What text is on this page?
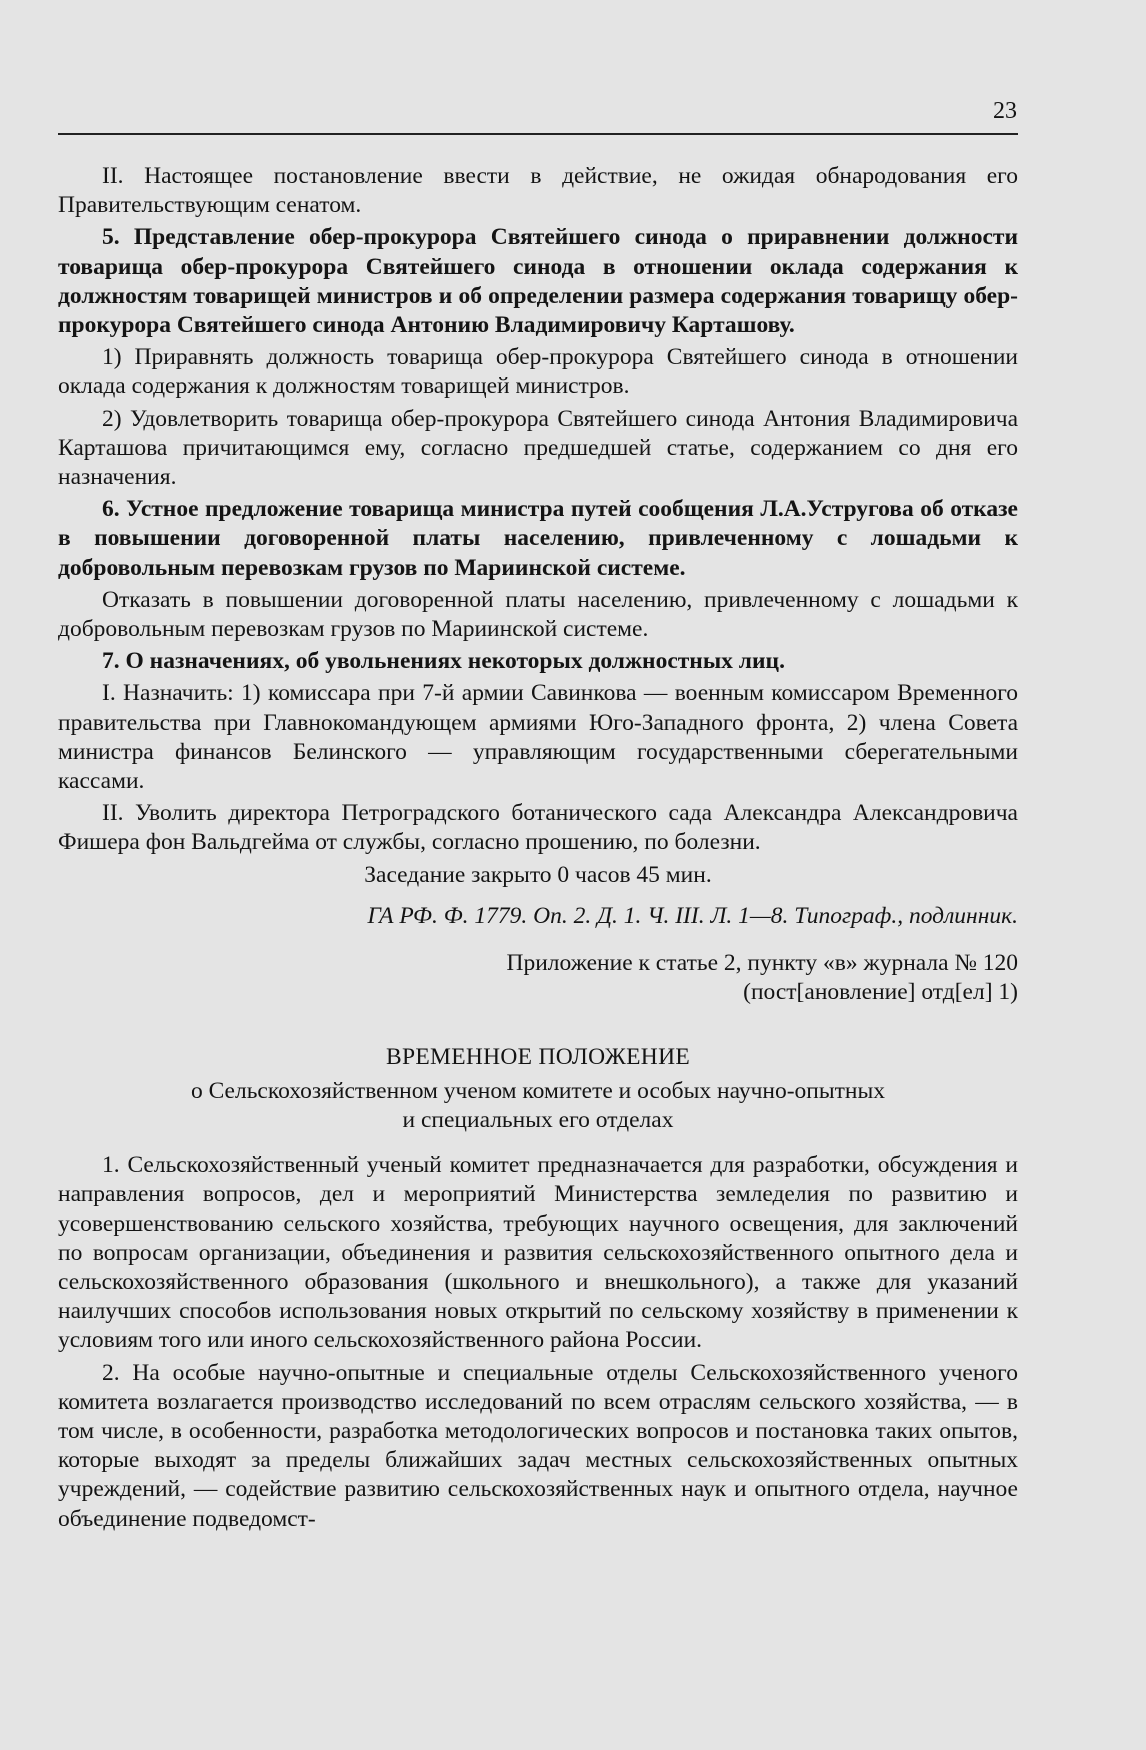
23

II. Настоящее постановление ввести в действие, не ожидая обнародования его Правительствующим сенатом.

5. Представление обер-прокурора Святейшего синода о приравнении должности товарища обер-прокурора Святейшего синода в отношении оклада содержания к должностям товарищей министров и об определении размера содержания товарищу обер-прокурора Святейшего синода Антонию Владимировичу Карташову.

1) Приравнять должность товарища обер-прокурора Святейшего синода в отношении оклада содержания к должностям товарищей министров.

2) Удовлетворить товарища обер-прокурора Святейшего синода Антония Владимировича Карташова причитающимся ему, согласно предшедшей статье, содержанием со дня его назначения.

6. Устное предложение товарища министра путей сообщения Л.А.Устругова об отказе в повышении договоренной платы населению, привлеченному с лошадьми к добровольным перевозкам грузов по Мариинской системе.

Отказать в повышении договоренной платы населению, привлеченному с лошадьми к добровольным перевозкам грузов по Мариинской системе.

7. О назначениях, об увольнениях некоторых должностных лиц.

I. Назначить: 1) комиссара при 7-й армии Савинкова — военным комиссаром Временного правительства при Главнокомандующем армиями Юго-Западного фронта, 2) члена Совета министра финансов Белинского — управляющим государственными сберегательными кассами.

II. Уволить директора Петроградского ботанического сада Александра Александровича Фишера фон Вальдгейма от службы, согласно прошению, по болезни.

Заседание закрыто 0 часов 45 мин.

ГА РФ. Ф. 1779. Оп. 2. Д. 1. Ч. III. Л. 1—8. Типограф., подлинник.

Приложение к статье 2, пункту «в» журнала № 120
(пост[ановление] отд[ел] 1)

ВРЕМЕННОЕ ПОЛОЖЕНИЕ

о Сельскохозяйственном ученом комитете и особых научно-опытных
и специальных его отделах

1. Сельскохозяйственный ученый комитет предназначается для разработки, обсуждения и направления вопросов, дел и мероприятий Министерства земледелия по развитию и усовершенствованию сельского хозяйства, требующих научного освещения, для заключений по вопросам организации, объединения и развития сельскохозяйственного опытного дела и сельскохозяйственного образования (школьного и внешкольного), а также для указаний наилучших способов использования новых открытий по сельскому хозяйству в применении к условиям того или иного сельскохозяйственного района России.

2. На особые научно-опытные и специальные отделы Сельскохозяйственного ученого комитета возлагается производство исследований по всем отраслям сельского хозяйства, — в том числе, в особенности, разработка методологических вопросов и постановка таких опытов, которые выходят за пределы ближайших задач местных сельскохозяйственных опытных учреждений, — содействие развитию сельскохозяйственных наук и опытного отдела, научное объединение подведомст-
